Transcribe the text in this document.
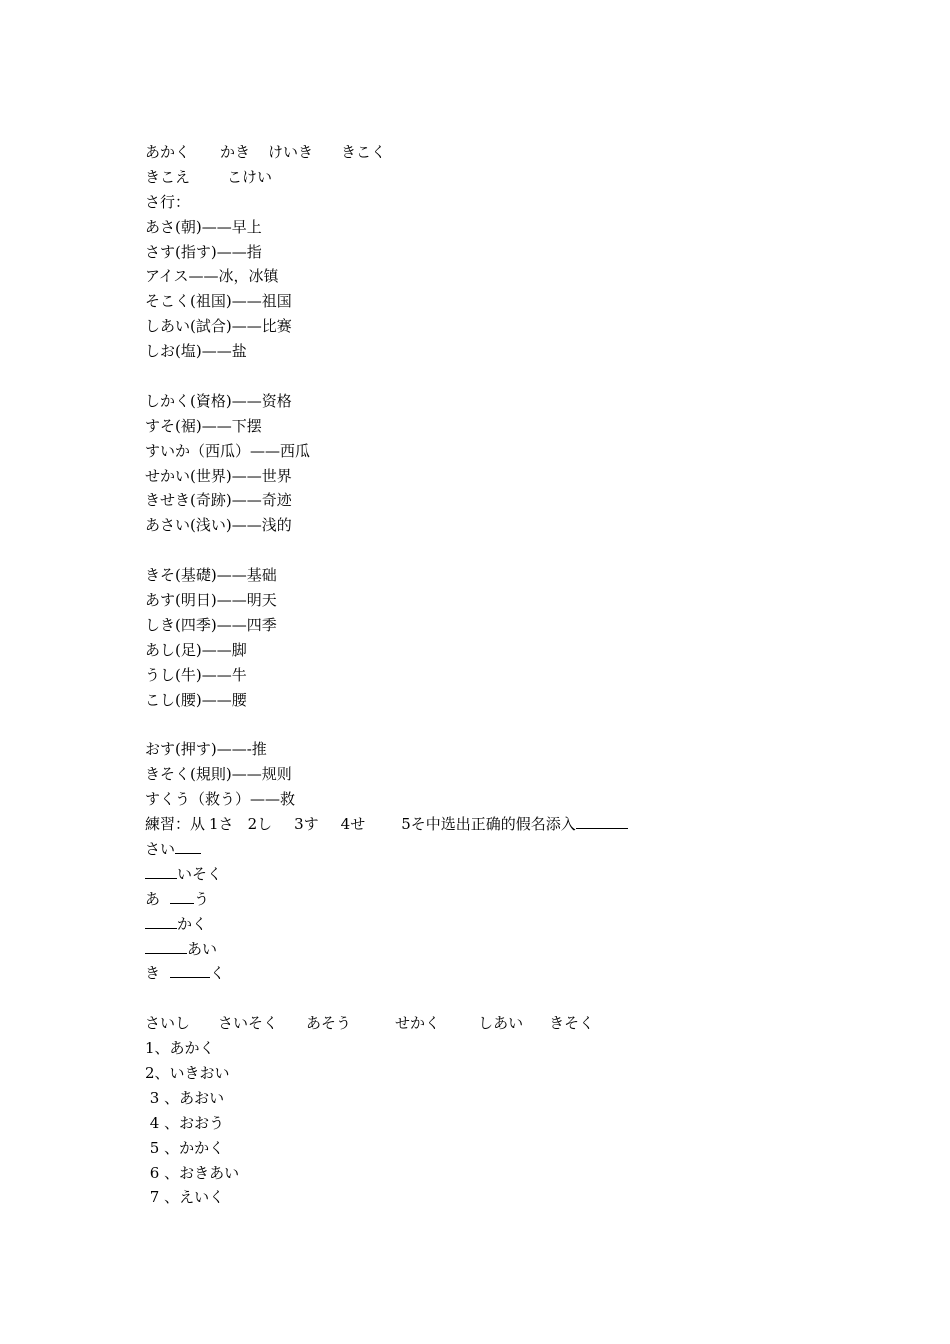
あかく かき けいき きこく
きこえ こけい
さ行：
あさ(朝)——早上
さす(指す)——指
アイス——冰，冰镇
そこく(祖国)——祖国
しあい(試合)——比赛
しお(塩)——盐
しかく(資格)——资格
すそ(裾)——下摆
すいか（西瓜）——西瓜
せかい(世界)——世界
きせき(奇跡)——奇迹
あさい(浅い)——浅的
きそ(基礎)——基础
あす(明日)——明天
しき(四季)——四季
あし(足)——脚
うし(牛)——牛
こし(腰)——腰
おす(押す)——-推
きそく(規則)——规则
すくう（救う）——救
練習：从 1さ 2し 3す 4せ 5そ中选出正确的假名添入
さい
いそく
あ う
かく
あい
き	く
さいし さいそく あそう	せかく	しあい きそく
1、あかく
2、いきおい
3 、あおい
4 、おおう
5 、かかく
6 、おきあい
7 、えいく
